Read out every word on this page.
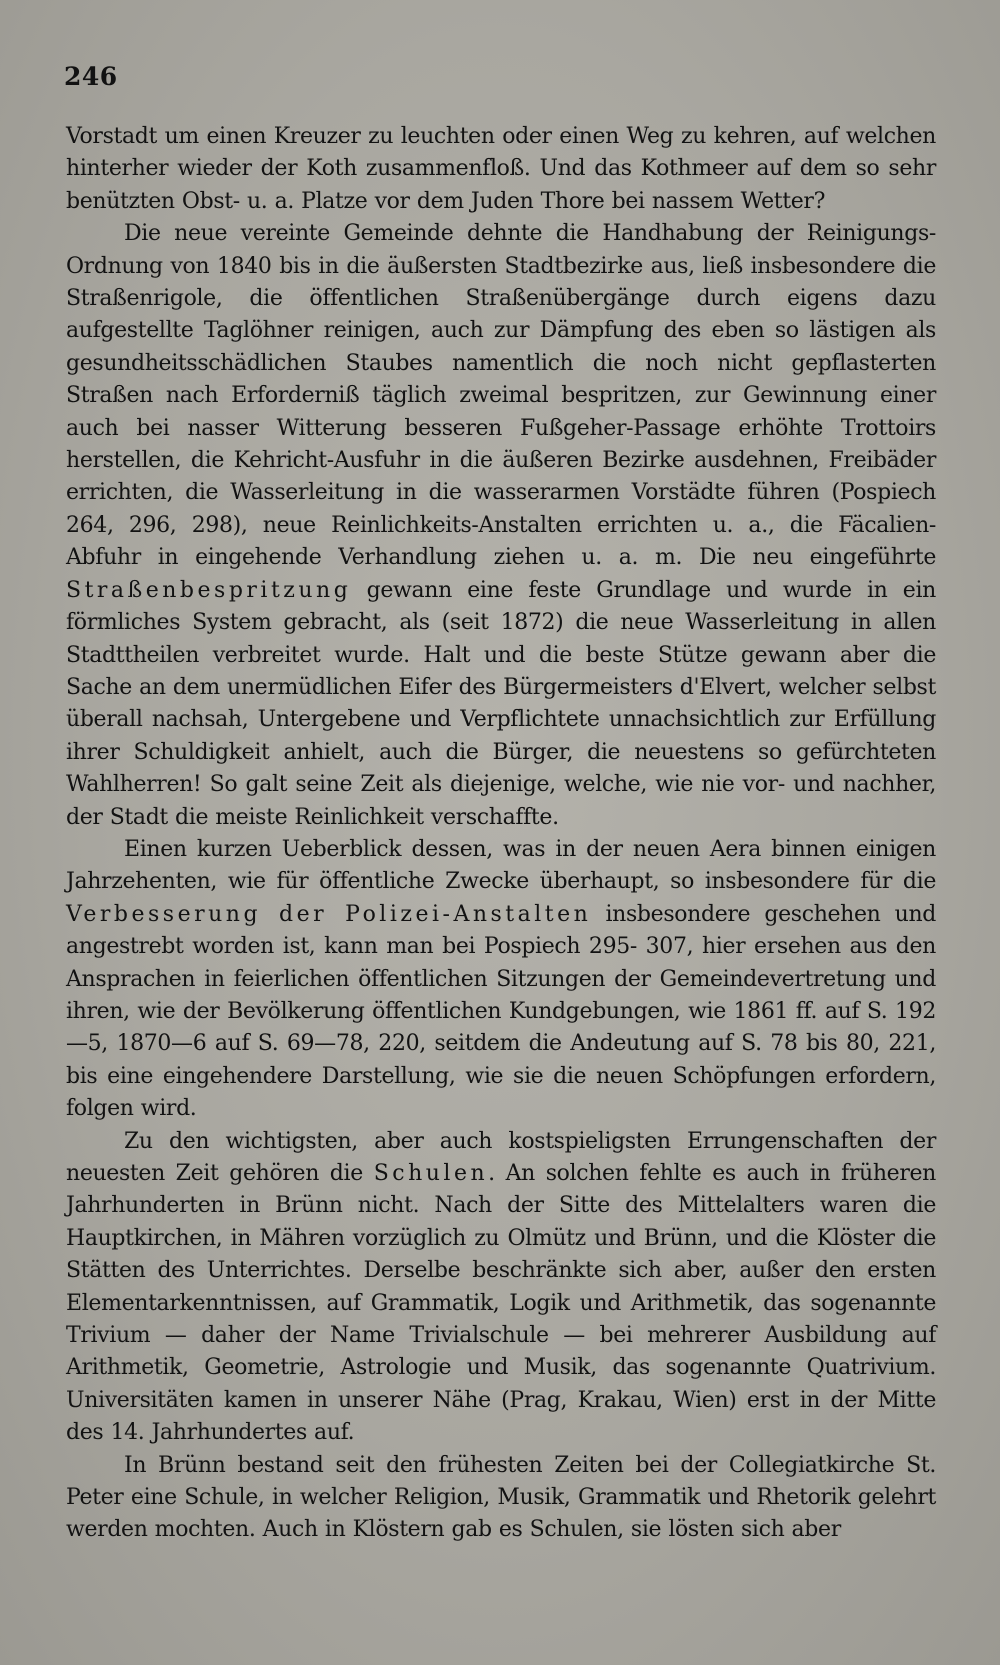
246

Vorstadt um einen Kreuzer zu leuchten oder einen Weg zu kehren, auf welchen hinterher wieder der Koth zusammenfloß. Und das Kothmeer auf dem so sehr benützten Obst- u. a. Platze vor dem Juden Thore bei nassem Wetter?

Die neue vereinte Gemeinde dehnte die Handhabung der Reinigungs-Ordnung von 1840 bis in die äußersten Stadtbezirke aus, ließ insbesondere die Straßenrigole, die öffentlichen Straßenübergänge durch eigens dazu aufgestellte Taglöhner reinigen, auch zur Dämpfung des eben so lästigen als gesundheitsschädlichen Staubes namentlich die noch nicht gepflasterten Straßen nach Erforderniß täglich zweimal bespritzen, zur Gewinnung einer auch bei nasser Witterung besseren Fußgeher-Passage erhöhte Trottoirs herstellen, die Kehricht-Ausfuhr in die äußeren Bezirke ausdehnen, Freibäder errichten, die Wasserleitung in die wasserarmen Vorstädte führen (Pospiech 264, 296, 298), neue Reinlichkeits-Anstalten errichten u. a., die Fäcalien-Abfuhr in eingehende Verhandlung ziehen u. a. m. Die neu eingeführte Straßenbespritzung gewann eine feste Grundlage und wurde in ein förmliches System gebracht, als (seit 1872) die neue Wasserleitung in allen Stadttheilen verbreitet wurde. Halt und die beste Stütze gewann aber die Sache an dem unermüdlichen Eifer des Bürgermeisters d'Elvert, welcher selbst überall nachsah, Untergebene und Verpflichtete unnachsichtlich zur Erfüllung ihrer Schuldigkeit anhielt, auch die Bürger, die neuestens so gefürchteten Wahlherren! So galt seine Zeit als diejenige, welche, wie nie vor- und nachher, der Stadt die meiste Reinlichkeit verschaffte.

Einen kurzen Ueberblick dessen, was in der neuen Aera binnen einigen Jahrzehenten, wie für öffentliche Zwecke überhaupt, so insbesondere für die Verbesserung der Polizei-Anstalten insbesondere geschehen und angestrebt worden ist, kann man bei Pospiech 295- 307, hier ersehen aus den Ansprachen in feierlichen öffentlichen Sitzungen der Gemeindevertretung und ihren, wie der Bevölkerung öffentlichen Kundgebungen, wie 1861 ff. auf S. 192—5, 1870—6 auf S. 69—78, 220, seitdem die Andeutung auf S. 78 bis 80, 221, bis eine eingehendere Darstellung, wie sie die neuen Schöpfungen erfordern, folgen wird.

Zu den wichtigsten, aber auch kostspieligsten Errungenschaften der neuesten Zeit gehören die Schulen. An solchen fehlte es auch in früheren Jahrhunderten in Brünn nicht. Nach der Sitte des Mittelalters waren die Hauptkirchen, in Mähren vorzüglich zu Olmütz und Brünn, und die Klöster die Stätten des Unterrichtes. Derselbe beschränkte sich aber, außer den ersten Elementarkenntnissen, auf Grammatik, Logik und Arithmetik, das sogenannte Trivium — daher der Name Trivialschule — bei mehrerer Ausbildung auf Arithmetik, Geometrie, Astrologie und Musik, das sogenannte Quatrivium. Universitäten kamen in unserer Nähe (Prag, Krakau, Wien) erst in der Mitte des 14. Jahrhundertes auf.

In Brünn bestand seit den frühesten Zeiten bei der Collegiatkirche St. Peter eine Schule, in welcher Religion, Musik, Grammatik und Rhetorik gelehrt werden mochten. Auch in Klöstern gab es Schulen, sie lösten sich aber
